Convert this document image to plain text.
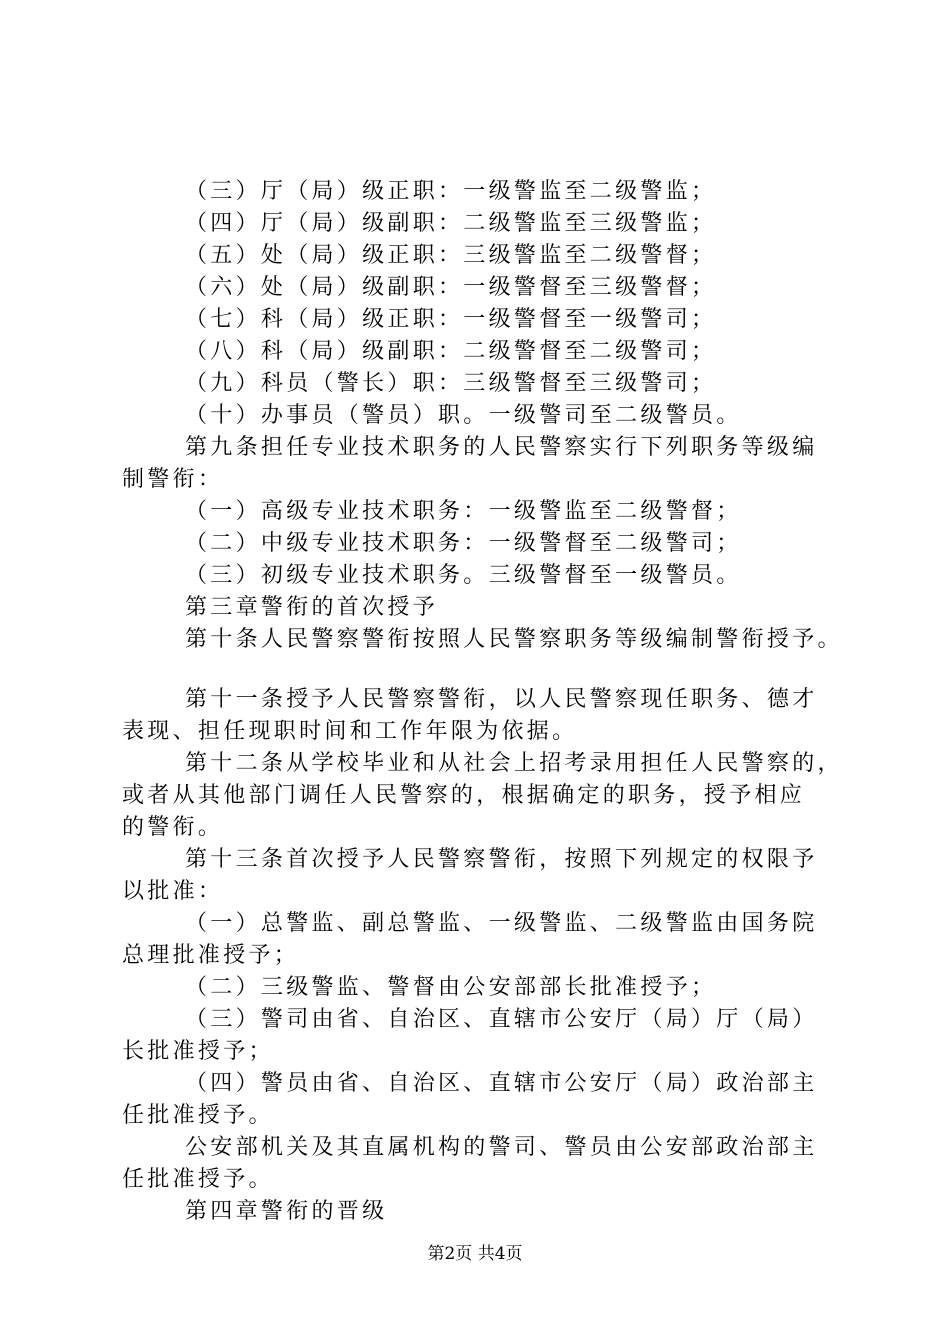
（三）厅（局）级正职：一级警监至二级警监；
（四）厅（局）级副职：二级警监至三级警监；
（五）处（局）级正职：三级警监至二级警督；
（六）处（局）级副职：一级警督至三级警督；
（七）科（局）级正职：一级警督至一级警司；
（八）科（局）级副职：二级警督至二级警司；
（九）科员（警长）职：三级警督至三级警司；
（十）办事员（警员）职。一级警司至二级警员。
第九条担任专业技术职务的人民警察实行下列职务等级编
制警衔：
（一）高级专业技术职务：一级警监至二级警督；
（二）中级专业技术职务：一级警督至二级警司；
（三）初级专业技术职务。三级警督至一级警员。
第三章警衔的首次授予
第十条人民警察警衔按照人民警察职务等级编制警衔授予。
第十一条授予人民警察警衔，以人民警察现任职务、德才
表现、担任现职时间和工作年限为依据。
第十二条从学校毕业和从社会上招考录用担任人民警察的，
或者从其他部门调任人民警察的，根据确定的职务，授予相应
的警衔。
第十三条首次授予人民警察警衔，按照下列规定的权限予
以批准：
（一）总警监、副总警监、一级警监、二级警监由国务院
总理批准授予；
（二）三级警监、警督由公安部部长批准授予；
（三）警司由省、自治区、直辖市公安厅（局）厅（局）
长批准授予；
（四）警员由省、自治区、直辖市公安厅（局）政治部主
任批准授予。
公安部机关及其直属机构的警司、警员由公安部政治部主
任批准授予。
第四章警衔的晋级
第2页 共4页
